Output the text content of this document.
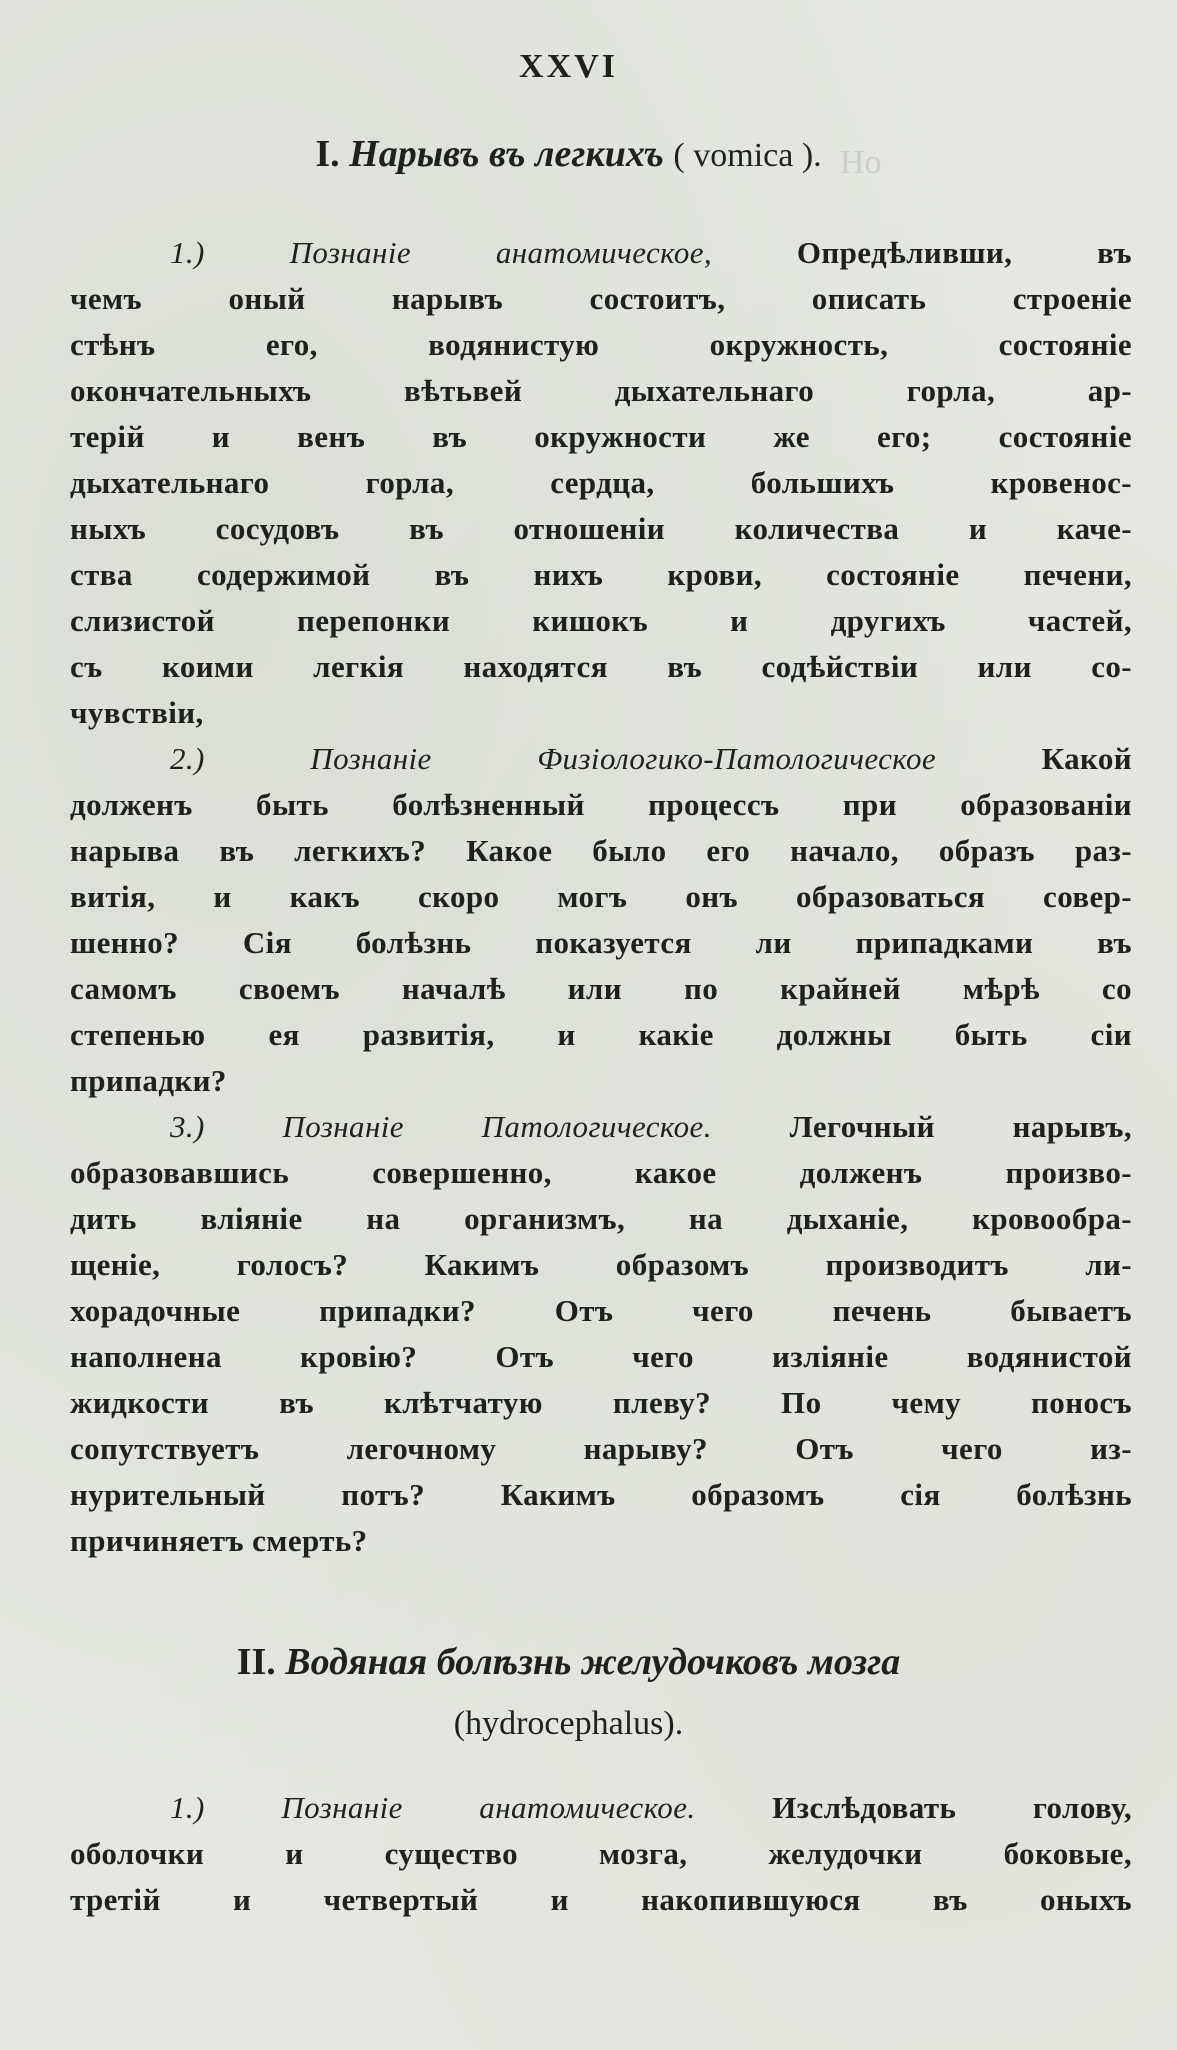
Но
XXVI
I. Нарывъ въ легкихъ ( vomica ).
1.) Познанiе анатомическое,	Опредѣливши, въ
чемъ оный нарывъ состоитъ, описать строенiе
стѣнъ его, водянистую окружность, состоянiе
окончательныхъ вѣтьвей дыхательнаго горла, ар-
терiй и венъ въ окружности же его; состоянiе
дыхательнаго горла, сердца, большихъ кровенос-
ныхъ сосудовъ въ отношенiи количества и каче-
ства содержимой въ нихъ крови, состоянiе печени,
слизистой перепонки кишокъ и другихъ частей,
съ коими легкiя находятся въ содѣйствiи или со-
чувствiи,
2.) Познанiе Физiологико-Патологическое	Какой
долженъ быть болѣзненный процессъ при образованiи
нарыва въ легкихъ? Какое было его начало, образъ раз-
витiя, и какъ скоро могъ онъ образоваться совер-
шенно? Сiя болѣзнь показуется ли припадками въ
самомъ своемъ началѣ или по крайней мѣрѣ со
степенью ея развитiя, и какiе должны быть сiи
припадки?
3.) Познанiе Патологическое.	Легочный нарывъ,
образовавшись совершенно, какое долженъ произво-
дить влiянiе на организмъ, на дыханiе, кровообра-
щенiе, голосъ? Какимъ образомъ производитъ ли-
хорадочные припадки? Отъ чего печень бываетъ
наполнена кровiю? Отъ чего изліянiе водянистой
жидкости въ клѣтчатую плеву? По чему поносъ
сопутствуетъ легочному нарыву? Отъ чего из-
нурительный потъ? Какимъ образомъ сiя болѣзнь
причиняетъ смерть?
II. Водяная болѣзнь желудочковъ мозга
(hydrocephalus).
1.) Познанiе анатомическое. Изслѣдовать голову,
оболочки и существо мозга, желудочки боковые,
третiй и четвертый и накопившуюся въ оныхъ
